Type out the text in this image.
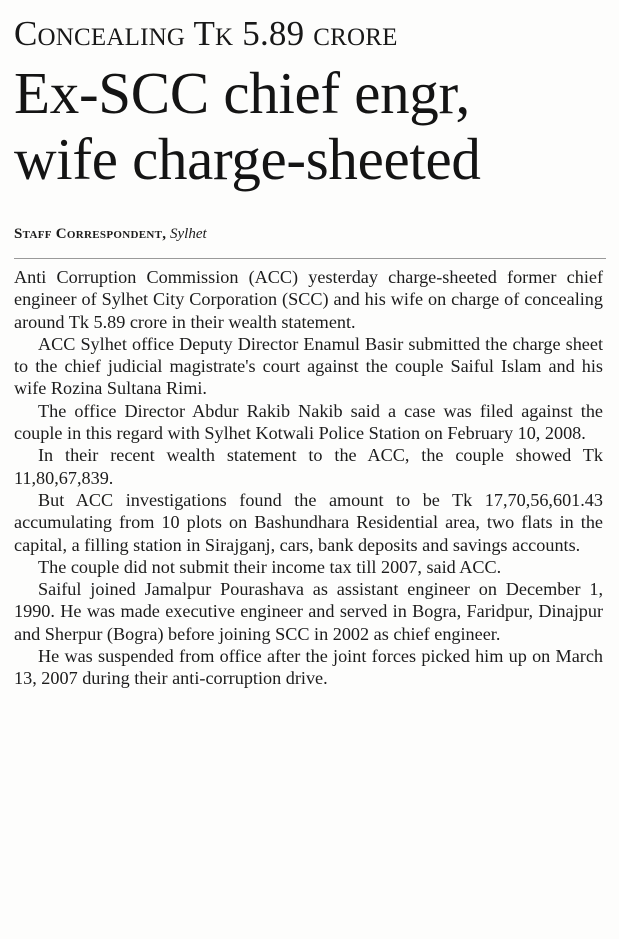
Concealing Tk 5.89 crore
Ex-SCC chief engr,
wife charge-sheeted
Staff Correspondent, Sylhet

Anti Corruption Commission (ACC) yesterday charge-sheeted former chief engineer of Sylhet City Corporation (SCC) and his wife on charge of concealing around Tk 5.89 crore in their wealth statement.

ACC Sylhet office Deputy Director Enamul Basir submitted the charge sheet to the chief judicial magistrate's court against the couple Saiful Islam and his wife Rozina Sultana Rimi.

The office Director Abdur Rakib Nakib said a case was filed against the couple in this regard with Sylhet Kotwali Police Station on February 10, 2008.

In their recent wealth statement to the ACC, the couple showed Tk 11,80,67,839.

But ACC investigations found the amount to be Tk 17,70,56,601.43 accumulating from 10 plots on Bashundhara Residential area, two flats in the capital, a filling station in Sirajganj, cars, bank deposits and savings accounts.

The couple did not submit their income tax till 2007, said ACC.

Saiful joined Jamalpur Pourashava as assistant engineer on December 1, 1990. He was made executive engineer and served in Bogra, Faridpur, Dinajpur and Sherpur (Bogra) before joining SCC in 2002 as chief engineer.

He was suspended from office after the joint forces picked him up on March 13, 2007 during their anti-corruption drive.
